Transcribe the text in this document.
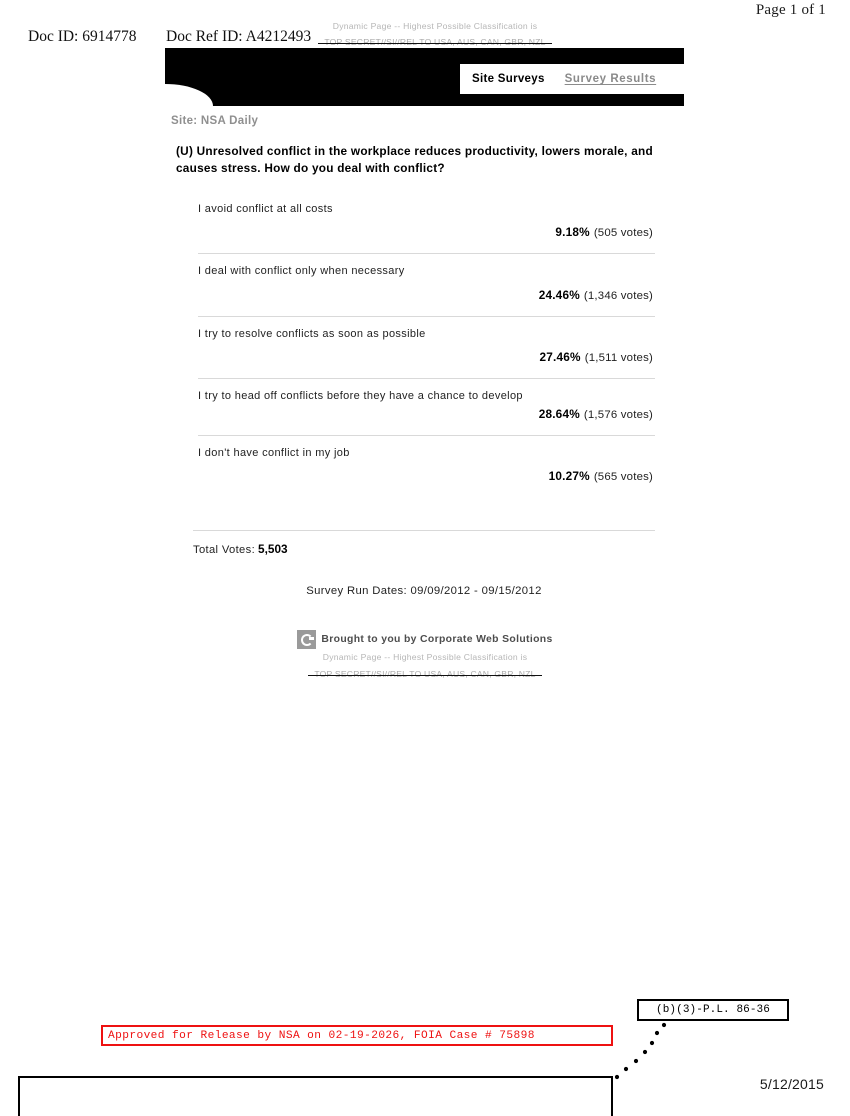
Page 1 of 1
Doc ID: 6914778 Doc Ref ID: A4212493
Dynamic Page -- Highest Possible Classification is
TOP SECRET//SI//REL TO USA, AUS, CAN, GBR, NZL
Site Surveys Survey Results
Site: NSA Daily
(U) Unresolved conflict in the workplace reduces productivity, lowers morale, and causes stress. How do you deal with conflict?
I avoid conflict at all costs
9.18% (505 votes)
I deal with conflict only when necessary
24.46% (1,346 votes)
I try to resolve conflicts as soon as possible
27.46% (1,511 votes)
I try to head off conflicts before they have a chance to develop
28.64% (1,576 votes)
I don't have conflict in my job
10.27% (565 votes)
Total Votes: 5,503
Survey Run Dates: 09/09/2012 - 09/15/2012
Brought to you by Corporate Web Solutions
Dynamic Page -- Highest Possible Classification is
TOP SECRET//SI//REL TO USA, AUS, CAN, GBR, NZL
(b)(3)-P.L. 86-36
Approved for Release by NSA on 02-19-2026, FOIA Case # 75898
5/12/2015
